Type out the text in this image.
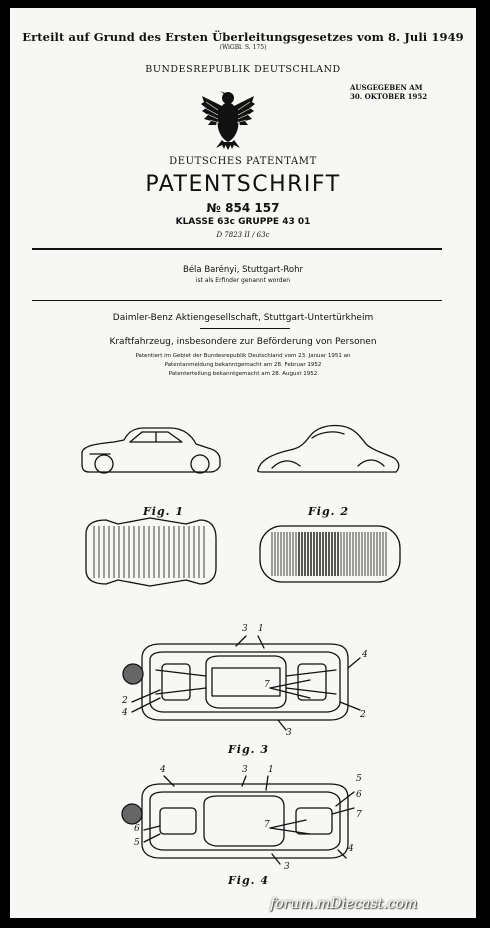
Erteilt auf Grund des Ersten Überleitungsgesetzes vom 8. Juli 1949
(WiGBl. S. 175)
BUNDESREPUBLIK DEUTSCHLAND
AUSGEGEBEN AM
30. OKTOBER 1952
DEUTSCHES PATENTAMT
PATENTSCHRIFT
№ 854 157
KLASSE 63c GRUPPE 43 01
D 7823 II / 63c
Béla Barényi, Stuttgart-Rohr
ist als Erfinder genannt worden
Daimler-Benz Aktiengesellschaft, Stuttgart-Untertürkheim
Kraftfahrzeug, insbesondere zur Beförderung von Personen
Patentiert im Gebiet der Bundesrepublik Deutschland vom 23. Januar 1951 an
Patentanmeldung bekanntgemacht am 28. Februar 1952
Patenterteilung bekanntgemacht am 28. August 1952
Fig. 1	Fig. 2
Fig. 3
Fig. 4
3 1
4
7
2
4	2
3
4	3 1
5
6
7
7
6
5
3
4
forum.mDiecast.com
